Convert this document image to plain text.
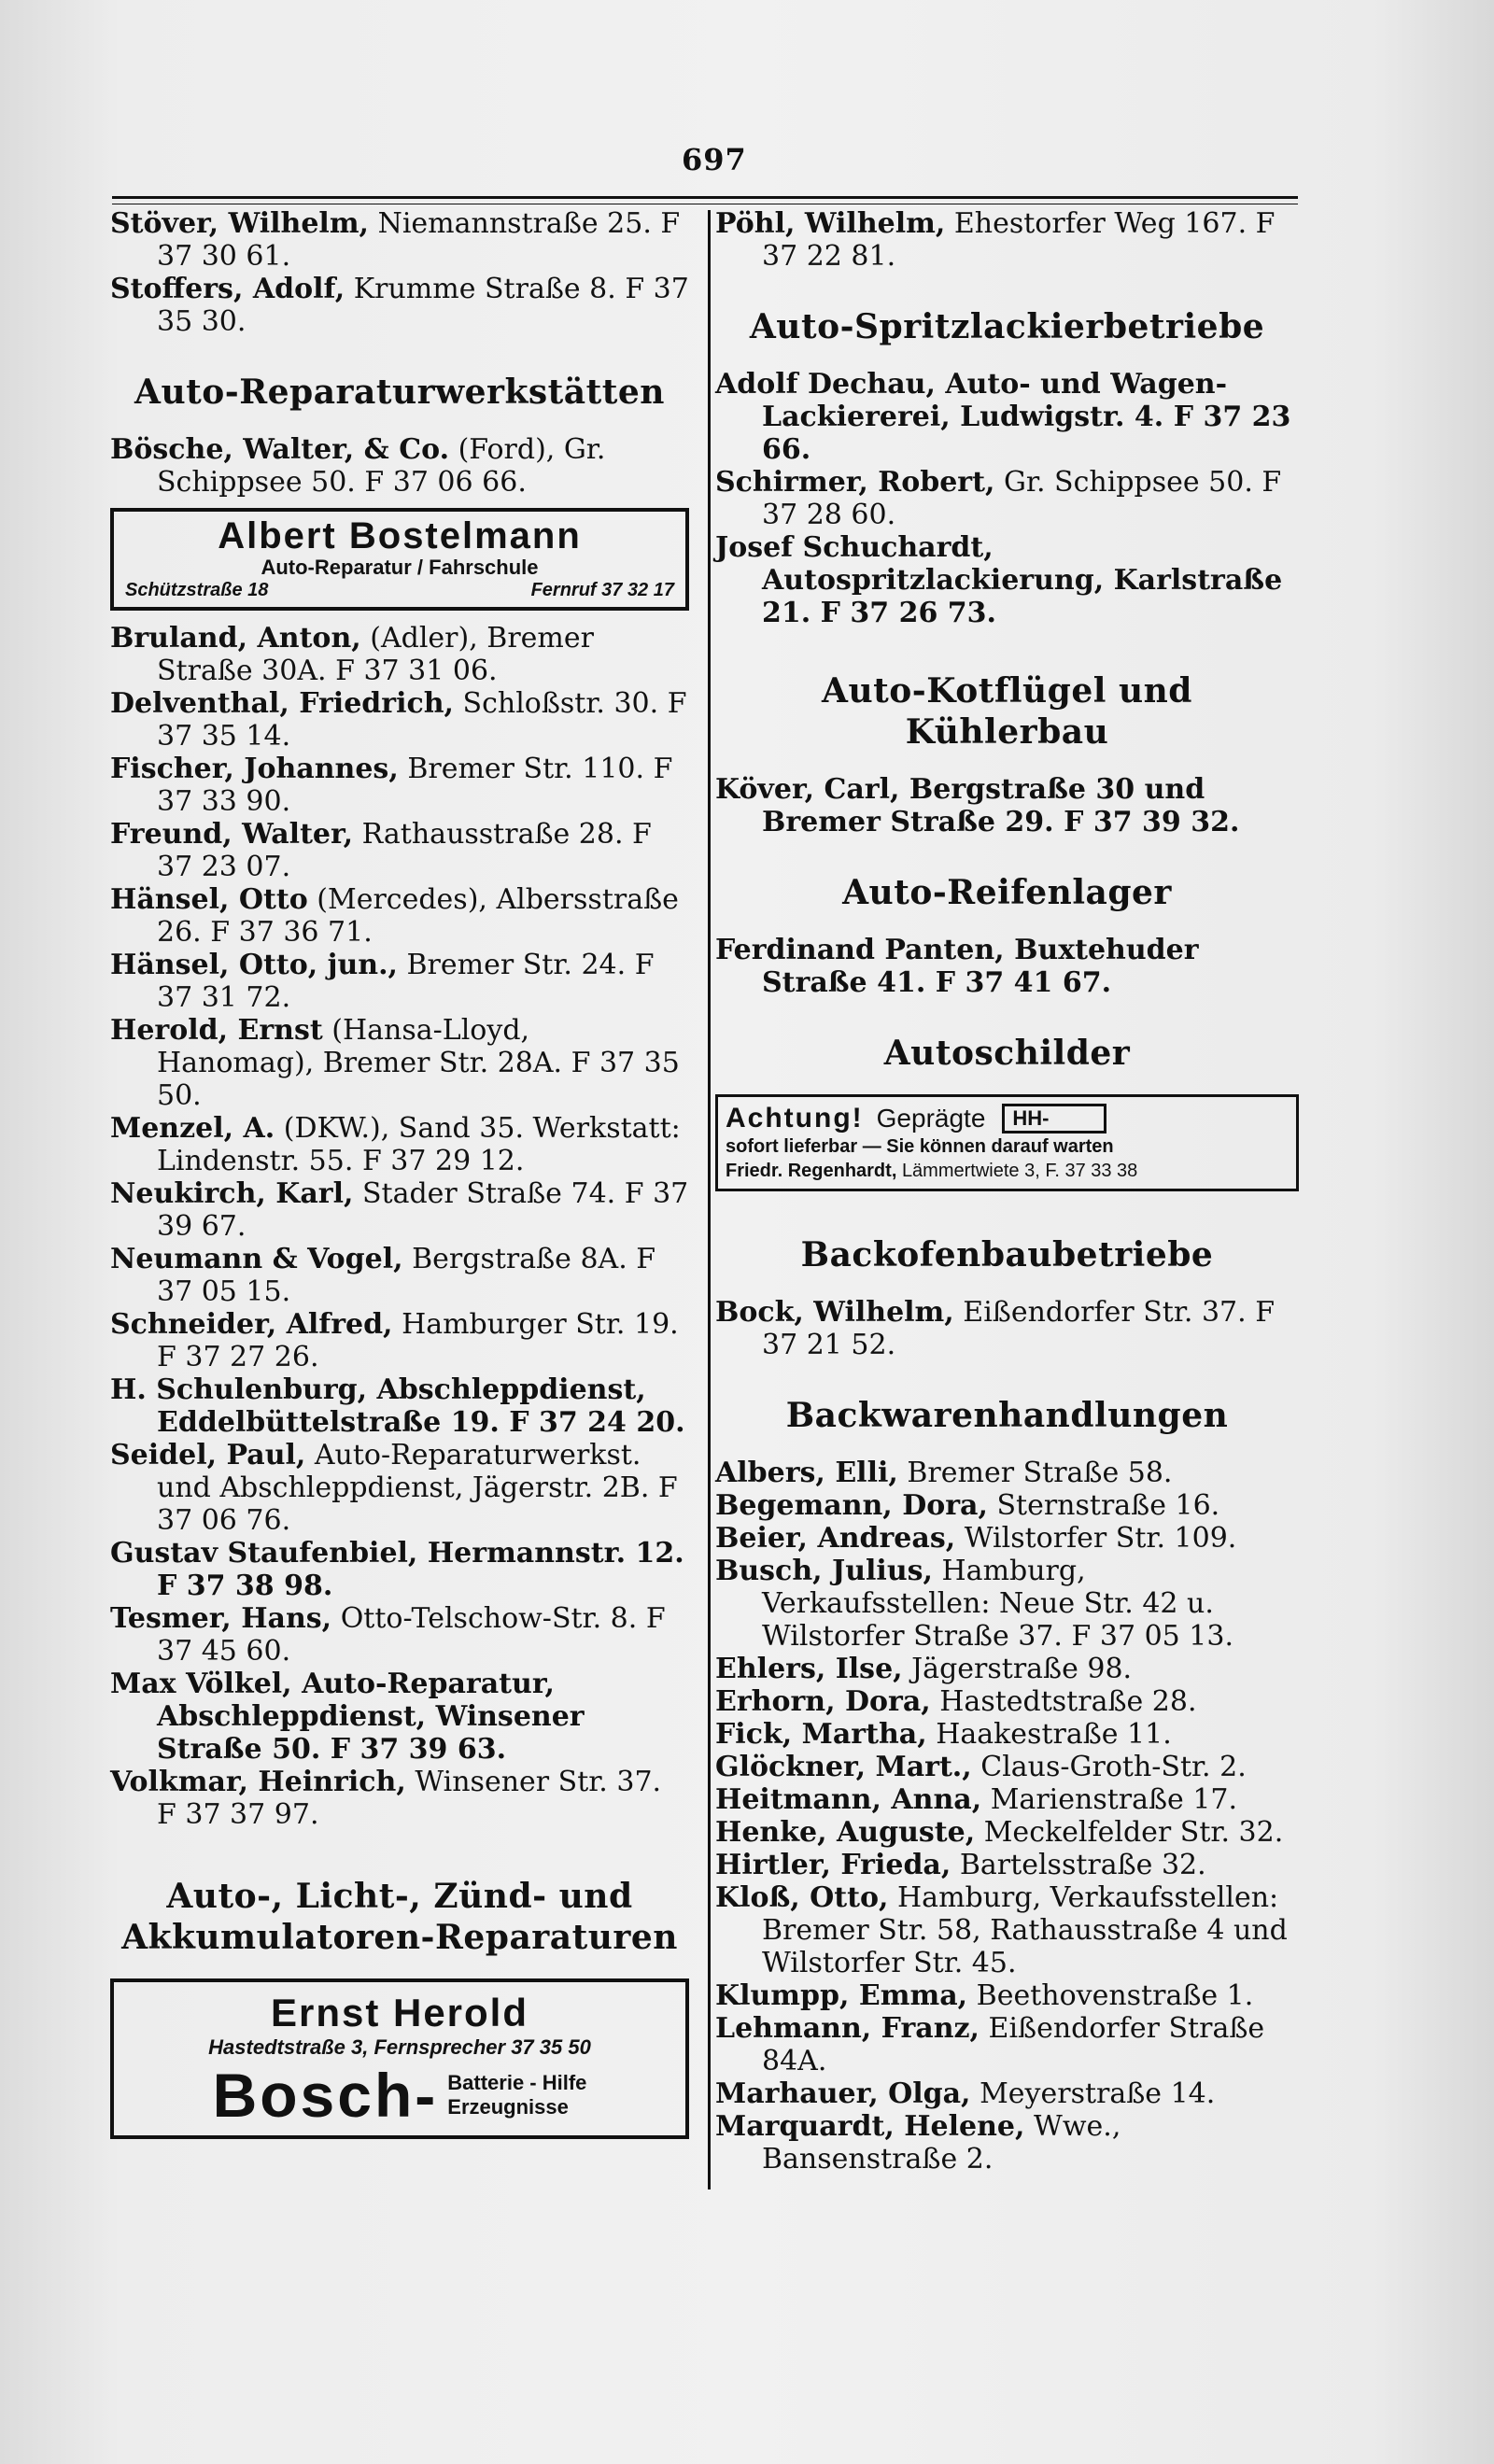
697

Stöver, Wilhelm, Niemannstraße 25. F 37 30 61.

Stoffers, Adolf, Krumme Straße 8. F 37 35 30.

Auto-Reparaturwerkstätten

Bösche, Walter, & Co. (Ford), Gr. Schippsee 50. F 37 06 66.

Albert Bostelmann
Auto-Reparatur / Fahrschule
Schützstraße 18	Fernruf 37 32 17

Bruland, Anton, (Adler), Bremer Straße 30A. F 37 31 06.

Delventhal, Friedrich, Schloßstr. 30. F 37 35 14.

Fischer, Johannes, Bremer Str. 110. F 37 33 90.

Freund, Walter, Rathausstraße 28. F 37 23 07.

Hänsel, Otto (Mercedes), Albersstraße 26. F 37 36 71.

Hänsel, Otto, jun., Bremer Str. 24. F 37 31 72.

Herold, Ernst (Hansa-Lloyd, Hanomag), Bremer Str. 28A. F 37 35 50.

Menzel, A. (DKW.), Sand 35. Werkstatt: Lindenstr. 55. F 37 29 12.

Neukirch, Karl, Stader Straße 74. F 37 39 67.

Neumann & Vogel, Bergstraße 8A. F 37 05 15.

Schneider, Alfred, Hamburger Str. 19. F 37 27 26.

H. Schulenburg, Abschleppdienst, Eddelbüttelstraße 19. F 37 24 20.

Seidel, Paul, Auto-Reparaturwerkst. und Abschleppdienst, Jägerstr. 2B. F 37 06 76.

Gustav Staufenbiel, Hermannstr. 12. F 37 38 98.

Tesmer, Hans, Otto-Telschow-Str. 8. F 37 45 60.

Max Völkel, Auto-Reparatur, Abschleppdienst, Winsener Straße 50. F 37 39 63.

Volkmar, Heinrich, Winsener Str. 37. F 37 37 97.

Auto-, Licht-, Zünd- und Akkumulatoren-Reparaturen
Ernst Herold
Hastedtstraße 3, Fernsprecher 37 35 50
Bosch- Batterie - Hilfe
Erzeugnisse

Pöhl, Wilhelm, Ehestorfer Weg 167. F 37 22 81.

Auto-Spritzlackierbetriebe

Adolf Dechau, Auto- und Wagen-Lackiererei, Ludwigstr. 4. F 37 23 66.

Schirmer, Robert, Gr. Schippsee 50. F 37 28 60.

Josef Schuchardt, Autospritzlackierung, Karlstraße 21. F 37 26 73.

Auto-Kotflügel und Kühlerbau

Köver, Carl, Bergstraße 30 und Bremer Straße 29. F 37 39 32.

Auto-Reifenlager

Ferdinand Panten, Buxtehuder Straße 41. F 37 41 67.

Autoschilder
Achtung! Geprägte	HH-
sofort lieferbar — Sie können darauf warten
Friedr. Regenhardt, Lämmertwiete 3, F. 37 33 38
Backofenbaubetriebe

Bock, Wilhelm, Eißendorfer Str. 37. F 37 21 52.

Backwarenhandlungen

Albers, Elli, Bremer Straße 58.

Begemann, Dora, Sternstraße 16.

Beier, Andreas, Wilstorfer Str. 109.

Busch, Julius, Hamburg, Verkaufsstellen: Neue Str. 42 u. Wilstorfer Straße 37. F 37 05 13.

Ehlers, Ilse, Jägerstraße 98.

Erhorn, Dora, Hastedtstraße 28.

Fick, Martha, Haakestraße 11.

Glöckner, Mart., Claus-Groth-Str. 2.

Heitmann, Anna, Marienstraße 17.

Henke, Auguste, Meckelfelder Str. 32.

Hirtler, Frieda, Bartelsstraße 32.

Kloß, Otto, Hamburg, Verkaufsstellen: Bremer Str. 58, Rathausstraße 4 und Wilstorfer Str. 45.

Klumpp, Emma, Beethovenstraße 1.

Lehmann, Franz, Eißendorfer Straße 84A.

Marhauer, Olga, Meyerstraße 14.

Marquardt, Helene, Wwe., Bansenstraße 2.
